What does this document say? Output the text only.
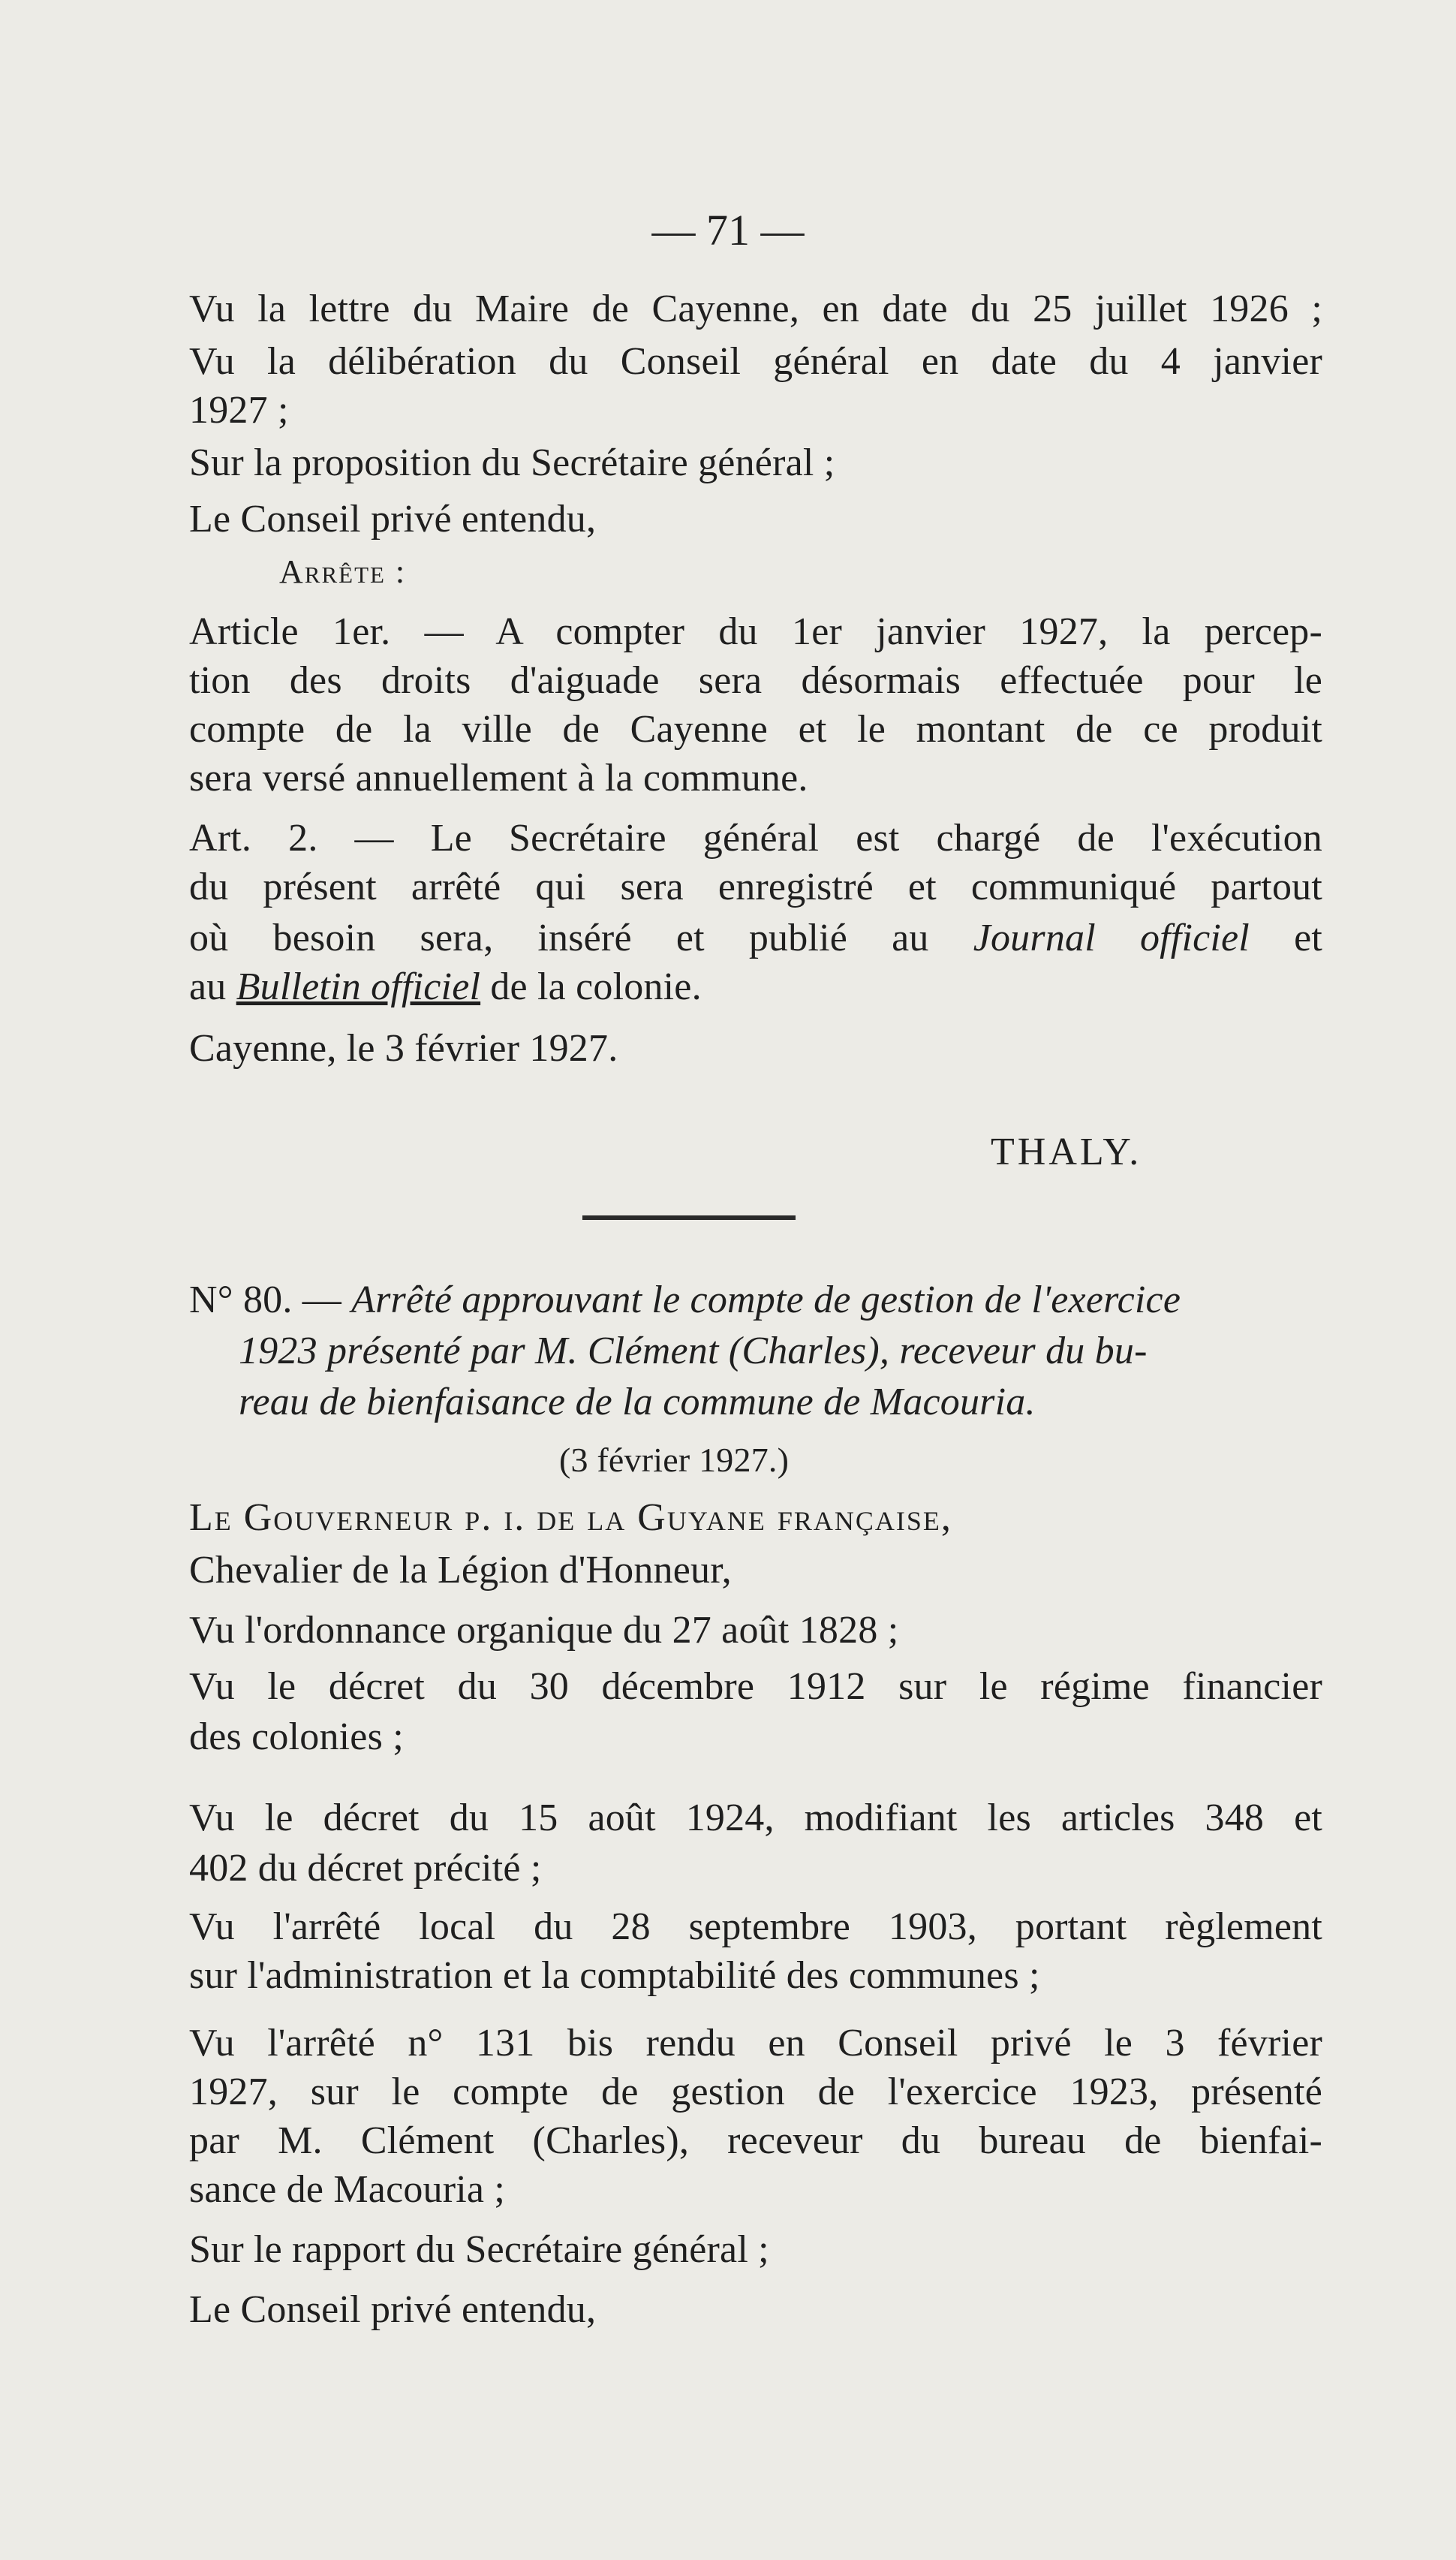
— 71 —
Vu la lettre du Maire de Cayenne, en date du 25 juillet 1926 ;
Vu la délibération du Conseil général en date du 4 janvier
1927 ;
Sur la proposition du Secrétaire général ;
Le Conseil privé entendu,
Arrête :
Article 1er. — A compter du 1er janvier 1927, la percep-
tion des droits d'aiguade sera désormais effectuée pour le
compte de la ville de Cayenne et le montant de ce produit
sera versé annuellement à la commune.
Art. 2. — Le Secrétaire général est chargé de l'exécution
du présent arrêté qui sera enregistré et communiqué partout
où besoin sera, inséré et publié au Journal officiel et
au Bulletin officiel de la colonie.
Cayenne, le 3 février 1927.
THALY.
N° 80. — Arrêté approuvant le compte de gestion de l'exercice
1923 présenté par M. Clément (Charles), receveur du bu-
reau de bienfaisance de la commune de Macouria.
(3 février 1927.)
Le Gouverneur p. i. de la Guyane française,
Chevalier de la Légion d'Honneur,
Vu l'ordonnance organique du 27 août 1828 ;
Vu le décret du 30 décembre 1912 sur le régime financier
des colonies ;
Vu le décret du 15 août 1924, modifiant les articles 348 et
402 du décret précité ;
Vu l'arrêté local du 28 septembre 1903, portant règlement
sur l'administration et la comptabilité des communes ;
Vu l'arrêté n° 131 bis rendu en Conseil privé le 3 février
1927, sur le compte de gestion de l'exercice 1923, présenté
par M. Clément (Charles), receveur du bureau de bienfai-
sance de Macouria ;
Sur le rapport du Secrétaire général ;
Le Conseil privé entendu,
